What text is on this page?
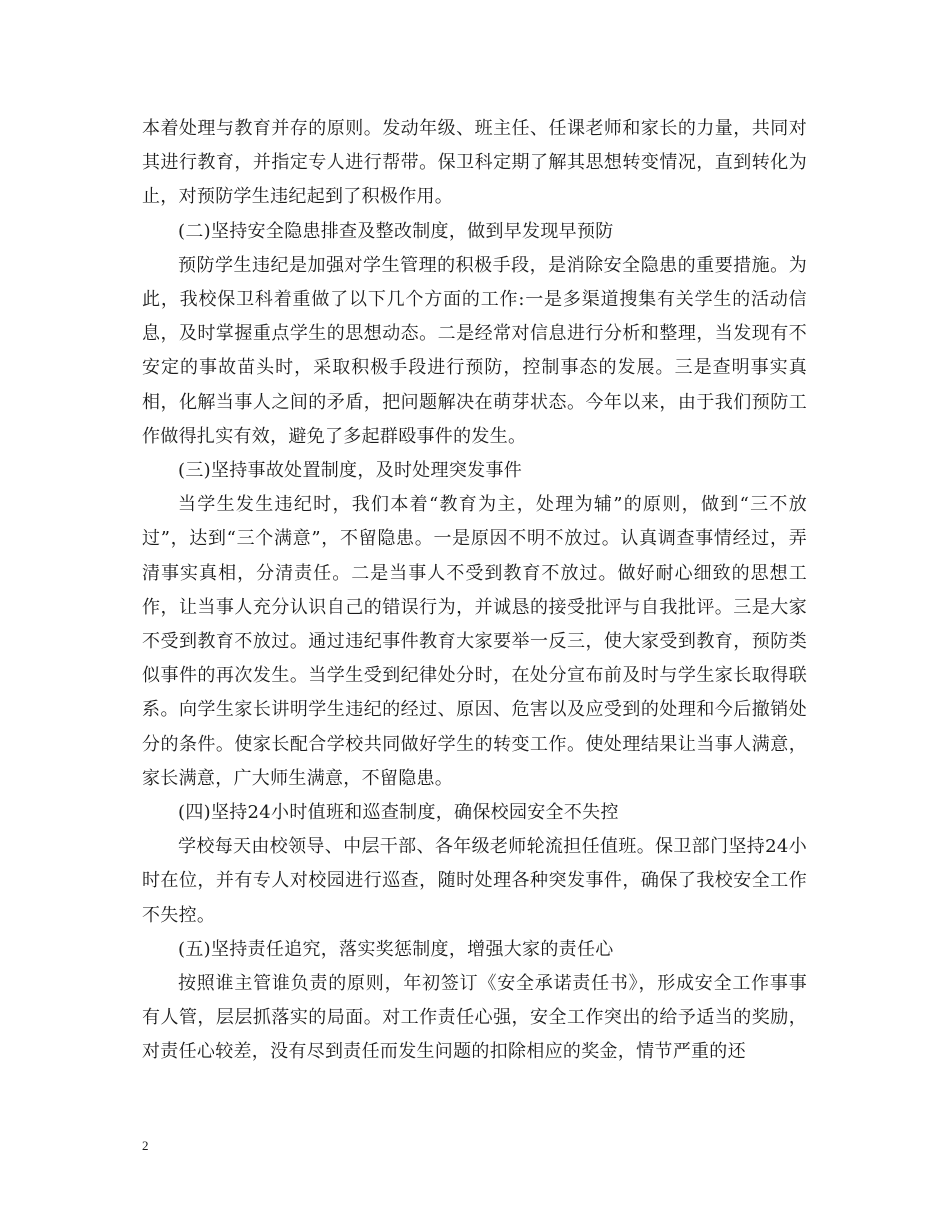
本着处理与教育并存的原则。发动年级、班主任、任课老师和家长的力量，共同对其进行教育，并指定专人进行帮带。保卫科定期了解其思想转变情况，直到转化为止，对预防学生违纪起到了积极作用。

(二)坚持安全隐患排查及整改制度，做到早发现早预防

预防学生违纪是加强对学生管理的积极手段，是消除安全隐患的重要措施。为此，我校保卫科着重做了以下几个方面的工作:一是多渠道搜集有关学生的活动信息，及时掌握重点学生的思想动态。二是经常对信息进行分析和整理，当发现有不安定的事故苗头时，采取积极手段进行预防，控制事态的发展。三是查明事实真相，化解当事人之间的矛盾，把问题解决在萌芽状态。今年以来，由于我们预防工作做得扎实有效，避免了多起群殴事件的发生。

(三)坚持事故处置制度，及时处理突发事件

当学生发生违纪时，我们本着“教育为主，处理为辅”的原则，做到“三不放过”，达到“三个满意”，不留隐患。一是原因不明不放过。认真调查事情经过，弄清事实真相，分清责任。二是当事人不受到教育不放过。做好耐心细致的思想工作，让当事人充分认识自己的错误行为，并诚恳的接受批评与自我批评。三是大家不受到教育不放过。通过违纪事件教育大家要举一反三，使大家受到教育，预防类似事件的再次发生。当学生受到纪律处分时，在处分宣布前及时与学生家长取得联系。向学生家长讲明学生违纪的经过、原因、危害以及应受到的处理和今后撤销处分的条件。使家长配合学校共同做好学生的转变工作。使处理结果让当事人满意，家长满意，广大师生满意，不留隐患。

(四)坚持24小时值班和巡查制度，确保校园安全不失控

学校每天由校领导、中层干部、各年级老师轮流担任值班。保卫部门坚持24小时在位，并有专人对校园进行巡查，随时处理各种突发事件，确保了我校安全工作不失控。

(五)坚持责任追究，落实奖惩制度，增强大家的责任心

按照谁主管谁负责的原则，年初签订《安全承诺责任书》，形成安全工作事事有人管，层层抓落实的局面。对工作责任心强，安全工作突出的给予适当的奖励，对责任心较差，没有尽到责任而发生问题的扣除相应的奖金，情节严重的还

2
